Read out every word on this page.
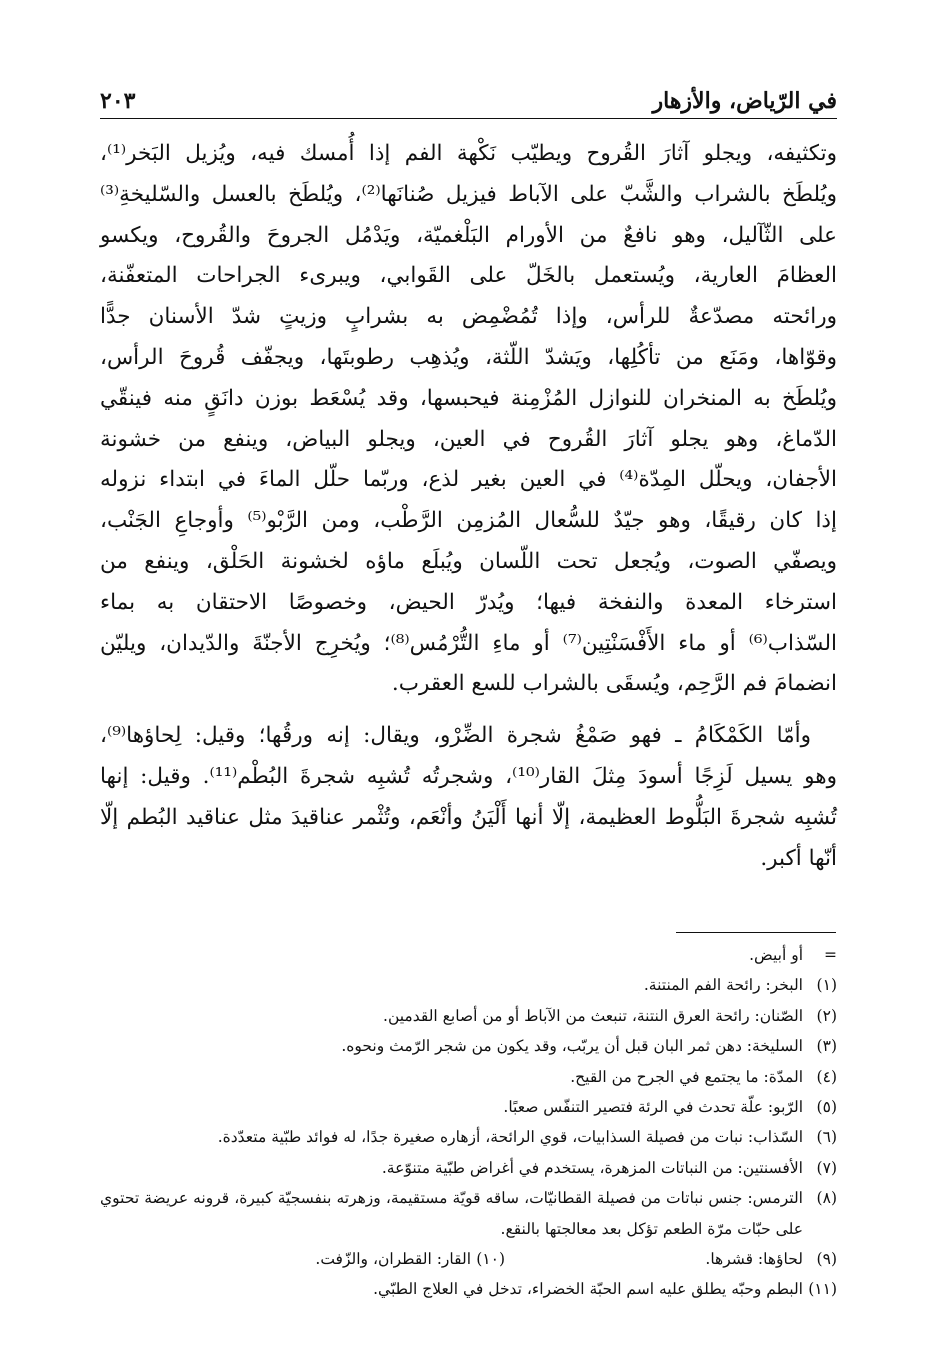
في الرّياض، والأزهار
٢٠٣
وتكثيفه، ويجلو آثارَ القُروح ويطيّب نَكْهة الفم إذا أُمسك فيه، ويُزيل البَخر⁽¹⁾،
ويُلطَخ بالشراب والشَّبّ على الآباط فيزيل صُنانَها⁽²⁾، ويُلطَخ بالعسل والسّليخةِ⁽³⁾
على الثّآليل، وهو نافعٌ من الأورام البَلْغميّة، ويَدْمُل الجروحَ والقُروح، ويكسو
العظامَ العارية، ويُستعمل بالخَلّ على القَوابي، ويبرىء الجراحات المتعفّنة،
ورائحته مصدّعةٌ للرأس، وإذا تُمُضْمِض به بشرابٍ وزيتٍ شدّ الأسنان جدًّا
وقوّاها، ومَنَع من تأكُلِها، ويَشدّ اللّثة، ويُذهِب رطوبتَها، ويجفّف قُروحَ الرأس،
ويُلطَخ به المنخران للنوازل المُزْمِنة فيحبسها، وقد يُسْعَط بوزن دانَقٍ منه فينقّي
الدّماغ، وهو يجلو آثارَ القُروح في العين، ويجلو البياض، وينفع من خشونة
الأجفان، ويحلّل المِدّة⁽⁴⁾ في العين بغير لذع، وربّما حلّل الماءَ في ابتداء نزوله
إذا كان رقيقًا، وهو جيّدٌ للسُّعال المُزمِن الرَّطْب، ومن الرَّبْو⁽⁵⁾ وأوجاعِ الجَنْب،
ويصفّي الصوت، ويُجعل تحت اللّسان ويُبلَع ماؤه لخشونة الحَلْق، وينفع من
استرخاء المعدة والنفخة فيها؛ ويُدرّ الحيض، وخصوصًا الاحتقان به بماء
السّذاب⁽⁶⁾ أو ماء الأَفْسَنْتِين⁽⁷⁾ أو ماءِ التُّرْمُس⁽⁸⁾؛ ويُخرِج الأجنّةَ والدّيدان، ويليّن
انضمامَ فم الرَّحِم، ويُسقَى بالشراب للسع العقرب.
وأمّا الكَمْكَامُ ـ فهو صَمْغُ شجرة الضِّرْو، ويقال: إنه ورقُها؛ وقيل: لِحاؤها⁽⁹⁾،
وهو يسيل لَزِجًا أسودَ مِثلَ القار⁽¹⁰⁾، وشجرتُه تُشبِه شجرةَ البُطْم⁽¹¹⁾. وقيل: إنها
تُشبِه شجرةَ البَلُّوط العظيمة، إلّا أنها أَلْيَنُ وأنْعَم، وتُثْمر عناقيدَ مثل عناقيد البُطم إلّا
أنّها أكبر.
=
أو أبيض.
(١)
البخر: رائحة الفم المنتنة.
(٢)
الصّنان: رائحة العرق النتنة، تنبعث من الآباط أو من أصابع القدمين.
(٣)
السليخة: دهن ثمر البان قبل أن يربّب، وقد يكون من شجر الرّمث ونحوه.
(٤)
المدّة: ما يجتمع في الجرح من القيح.
(٥)
الرّبو: علّة تحدث في الرئة فتصير التنفّس صعبًا.
(٦)
السّذاب: نبات من فصيلة السذابيات، قوي الرائحة، أزهاره صغيرة جدًا، له فوائد طبّية متعدّدة.
(٧)
الأفسنتين: من النباتات المزهرة، يستخدم في أغراض طبّية متنوّعة.
(٨)
الترمس: جنس نباتات من فصيلة القطانيّات، ساقه قويّة مستقيمة، وزهرته بنفسجيّة كبيرة، قرونه عريضة تحتوي على حبّات مرّة الطعم تؤكل بعد معالجتها بالنقع.
(٩)
لحاؤها: قشرها.
(١٠)
القار: القطران، والزّفت.
(١١)
البطم وحبّه يطلق عليه اسم الحبّة الخضراء، تدخل في العلاج الطبّي.
